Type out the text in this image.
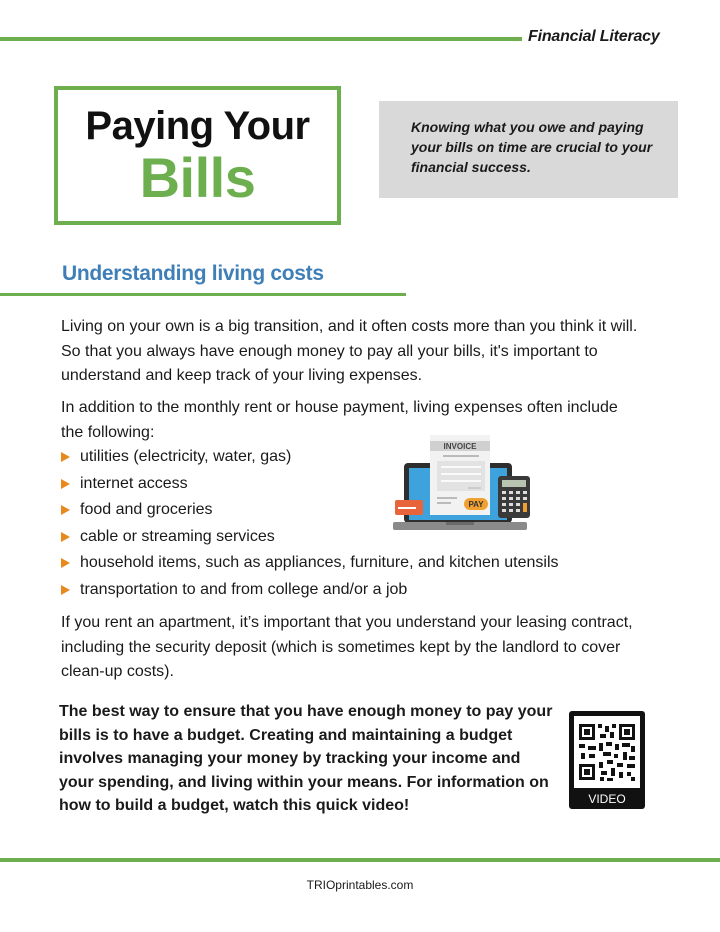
Financial Literacy
Paying Your
Bills
Knowing what you owe and paying your bills on time are crucial to your financial success.
Understanding living costs
Living on your own is a big transition, and it often costs more than you think it will. So that you always have enough money to pay all your bills, it's important to understand and keep track of your living expenses.
In addition to the monthly rent or house payment, living expenses often include the following:
utilities (electricity, water, gas)
internet access
food and groceries
cable or streaming services
household items, such as appliances, furniture, and kitchen utensils
transportation to and from college and/or a job
INVOICE
PAY
If you rent an apartment, it’s important that you understand your leasing contract, including the security deposit (which is sometimes kept by the landlord to cover clean-up costs).
The best way to ensure that you have enough money to pay your bills is to have a budget. Creating and maintaining a budget involves managing your money by tracking your income and your spending, and living within your means. For information on how to build a budget, watch this quick video!	VIDEO
TRIOprintables.com
